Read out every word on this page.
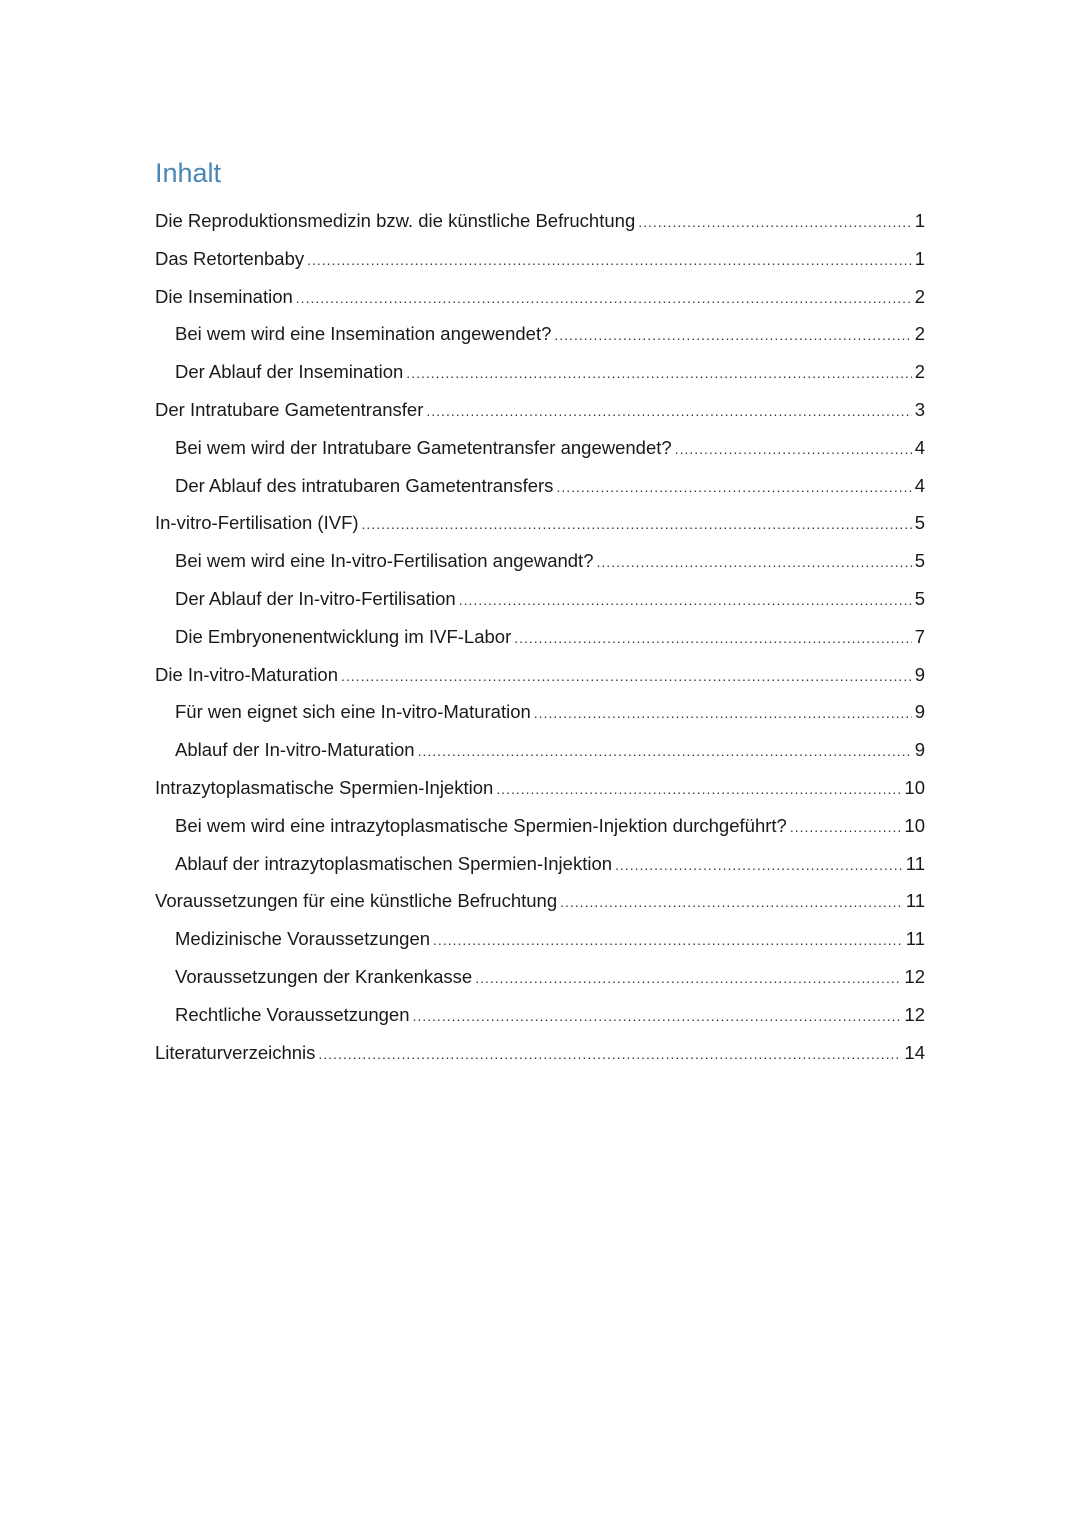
Inhalt
Die Reproduktionsmedizin bzw. die künstliche Befruchtung .....	1
Das Retortenbaby .....	1
Die Insemination .....	2
Bei wem wird eine Insemination angewendet? .....	2
Der Ablauf der Insemination .....	2
Der Intratubare Gametentransfer .....	3
Bei wem wird der Intratubare Gametentransfer angewendet? .....	4
Der Ablauf des intratubaren Gametentransfers .....	4
In-vitro-Fertilisation (IVF) .....	5
Bei wem wird eine In-vitro-Fertilisation angewandt? .....	5
Der Ablauf der In-vitro-Fertilisation .....	5
Die Embryonenentwicklung im IVF-Labor .....	7
Die In-vitro-Maturation .....	9
Für wen eignet sich eine In-vitro-Maturation .....	9
Ablauf der In-vitro-Maturation .....	9
Intrazytoplasmatische Spermien-Injektion .....	10
Bei wem wird eine intrazytoplasmatische Spermien-Injektion durchgeführt? .....	10
Ablauf der intrazytoplasmatischen Spermien-Injektion .....	11
Voraussetzungen für eine künstliche Befruchtung .....	11
Medizinische Voraussetzungen .....	11
Voraussetzungen der Krankenkasse .....	12
Rechtliche Voraussetzungen .....	12
Literaturverzeichnis .....	14
